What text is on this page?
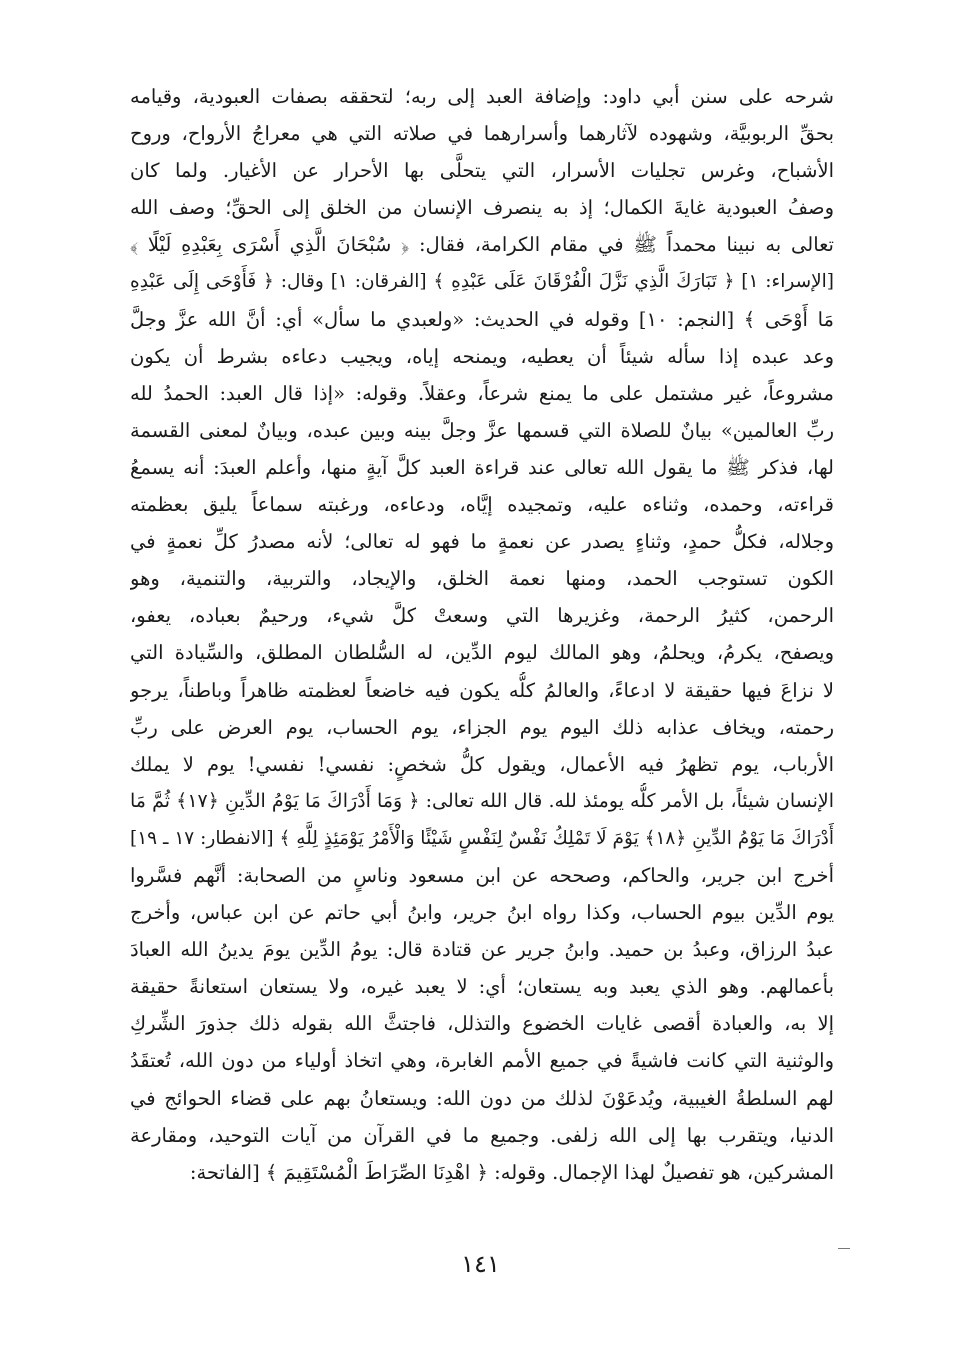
شرحه على سنن أبي داود: وإضافة العبد إلى ربه؛ لتحققه بصفات العبودية، وقيامه
بحقِّ الربوبيَّة، وشهوده لآثارهما وأسرارهما في صلاته التي هي معراجُ الأرواح، وروح
الأشباح، وغرس تجليات الأسرار، التي يتحلَّى بها الأحرار عن الأغيار. ولما كان
وصفُ العبودية غايةَ الكمال؛ إذ به ينصرف الإنسان من الخلق إلى الحقِّ؛ وصف الله
تعالى به نبينا محمداً ﷺ في مقام الكرامة، فقال: ﴿ سُبْحَانَ الَّذِي أَسْرَى بِعَبْدِهِ لَيْلًا ﴾
[الإسراء: ١] ﴿ تَبَارَكَ الَّذِي نَزَّلَ الْفُرْقَانَ عَلَى عَبْدِهِ ﴾ [الفرقان: ١] وقال: ﴿ فَأَوْحَى إِلَى عَبْدِهِ
مَا أَوْحَى ﴾ [النجم: ١٠] وقوله في الحديث: «ولعبدي ما سأل» أي: أنَّ الله عزَّ وجلَّ
وعد عبده إذا سأله شيئاً أن يعطيه، ويمنحه إياه، ويجيب دعاءه بشرط أن يكون
مشروعاً، غير مشتمل على ما يمنع شرعاً، وعقلاً. وقوله: «إذا قال العبد: الحمدُ لله
ربِّ العالمين» بيانٌ للصلاة التي قسمها عزَّ وجلَّ بينه وبين عبده، وبيانٌ لمعنى القسمة
لها، فذكر ﷺ ما يقول الله تعالى عند قراءة العبد كلَّ آيةٍ منها، وأعلم العبدَ: أنه يسمعُ
قراءته، وحمده، وثناءه عليه، وتمجيده إيَّاه، ودعاءه، ورغبته سماعاً يليق بعظمته
وجلاله، فكلُّ حمدٍ، وثناءٍ يصدر عن نعمةٍ ما فهو له تعالى؛ لأنه مصدرُ كلِّ نعمةٍ في
الكون تستوجب الحمد، ومنها نعمة الخلق، والإيجاد، والتربية، والتنمية، وهو
الرحمن، كثيرُ الرحمة، وغزيرها التي وسعتْ كلَّ شيء، ورحيمٌ بعباده، يعفو،
ويصفح، يكرمُ، ويحلمُ، وهو المالك ليوم الدِّين، له السُّلطان المطلق، والسِّيادة التي
لا نزاعَ فيها حقيقة لا ادعاءً، والعالمُ كلُّه يكون فيه خاضعاً لعظمته ظاهراً وباطناً، يرجو
رحمته، ويخاف عذابه ذلك اليوم يوم الجزاء، يوم الحساب، يوم العرض على ربِّ
الأرباب، يوم تظهرُ فيه الأعمال، ويقول كلُّ شخصٍ: نفسي! نفسي! يوم لا يملك
الإنسان شيئاً، بل الأمر كلُّه يومئذ لله. قال الله تعالى: ﴿ وَمَا أَدْرَاكَ مَا يَوْمُ الدِّينِ ﴿١٧﴾ ثُمَّ مَا
أَدْرَاكَ مَا يَوْمُ الدِّينِ ﴿١٨﴾ يَوْمَ لَا تَمْلِكُ نَفْسٌ لِنَفْسٍ شَيْئًا وَالْأَمْرُ يَوْمَئِذٍ لِلَّهِ ﴾ [الانفطار: ١٧ ـ ١٩]
أخرج ابن جرير، والحاكم، وصححه عن ابن مسعود وناسٍ من الصحابة: أنَّهم فسَّروا
يوم الدِّين بيوم الحساب، وكذا رواه ابنُ جرير، وابنُ أبي حاتم عن ابن عباس، وأخرج
عبدُ الرزاق، وعبدُ بن حميد. وابنُ جرير عن قتادة قال: يومُ الدِّين يومَ يدينُ الله العبادَ
بأعمالهم. وهو الذي يعبد وبه يستعان؛ أي: لا يعبد غيره، ولا يستعان استعانةً حقيقة
إلا به، والعبادة أقصى غايات الخضوع والتذلل، فاجتثَّ الله بقوله ذلك جذورَ الشِّركِ
والوثنية التي كانت فاشيةً في جميع الأمم الغابرة، وهي اتخاذ أولياء من دون الله، تُعتقَدُ
لهم السلطةُ الغيبية، ويُدعَوْنَ لذلك من دون الله: ويستعانُ بهم على قضاء الحوائج في
الدنيا، ويتقرب بها إلى الله زلفى. وجميع ما في القرآن من آيات التوحيد، ومقارعة
المشركين، هو تفصيلٌ لهذا الإجمال. وقوله: ﴿ اهْدِنَا الصِّرَاطَ الْمُسْتَقِيمَ ﴾ [الفاتحة:
١٤١
